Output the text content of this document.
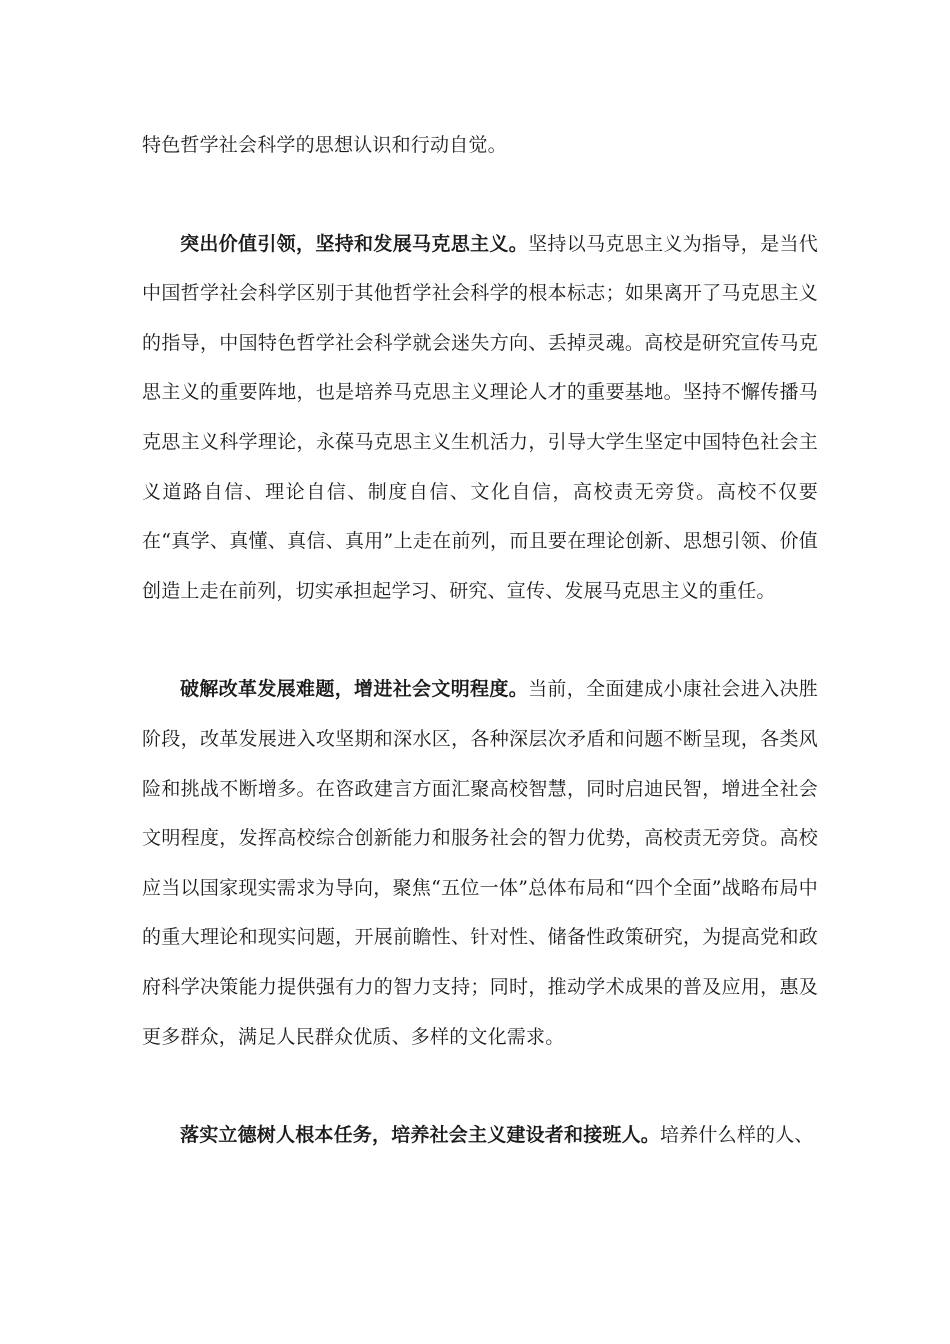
特色哲学社会科学的思想认识和行动自觉。

突出价值引领，坚持和发展马克思主义。坚持以马克思主义为指导，是当代中国哲学社会科学区别于其他哲学社会科学的根本标志；如果离开了马克思主义的指导，中国特色哲学社会科学就会迷失方向、丢掉灵魂。高校是研究宣传马克思主义的重要阵地，也是培养马克思主义理论人才的重要基地。坚持不懈传播马克思主义科学理论，永葆马克思主义生机活力，引导大学生坚定中国特色社会主义道路自信、理论自信、制度自信、文化自信，高校责无旁贷。高校不仅要在“真学、真懂、真信、真用”上走在前列，而且要在理论创新、思想引领、价值创造上走在前列，切实承担起学习、研究、宣传、发展马克思主义的重任。

破解改革发展难题，增进社会文明程度。当前，全面建成小康社会进入决胜阶段，改革发展进入攻坚期和深水区，各种深层次矛盾和问题不断呈现，各类风险和挑战不断增多。在咨政建言方面汇聚高校智慧，同时启迪民智，增进全社会文明程度，发挥高校综合创新能力和服务社会的智力优势，高校责无旁贷。高校应当以国家现实需求为导向，聚焦“五位一体”总体布局和“四个全面”战略布局中的重大理论和现实问题，开展前瞻性、针对性、储备性政策研究，为提高党和政府科学决策能力提供强有力的智力支持；同时，推动学术成果的普及应用，惠及更多群众，满足人民群众优质、多样的文化需求。

落实立德树人根本任务，培养社会主义建设者和接班人。培养什么样的人、
